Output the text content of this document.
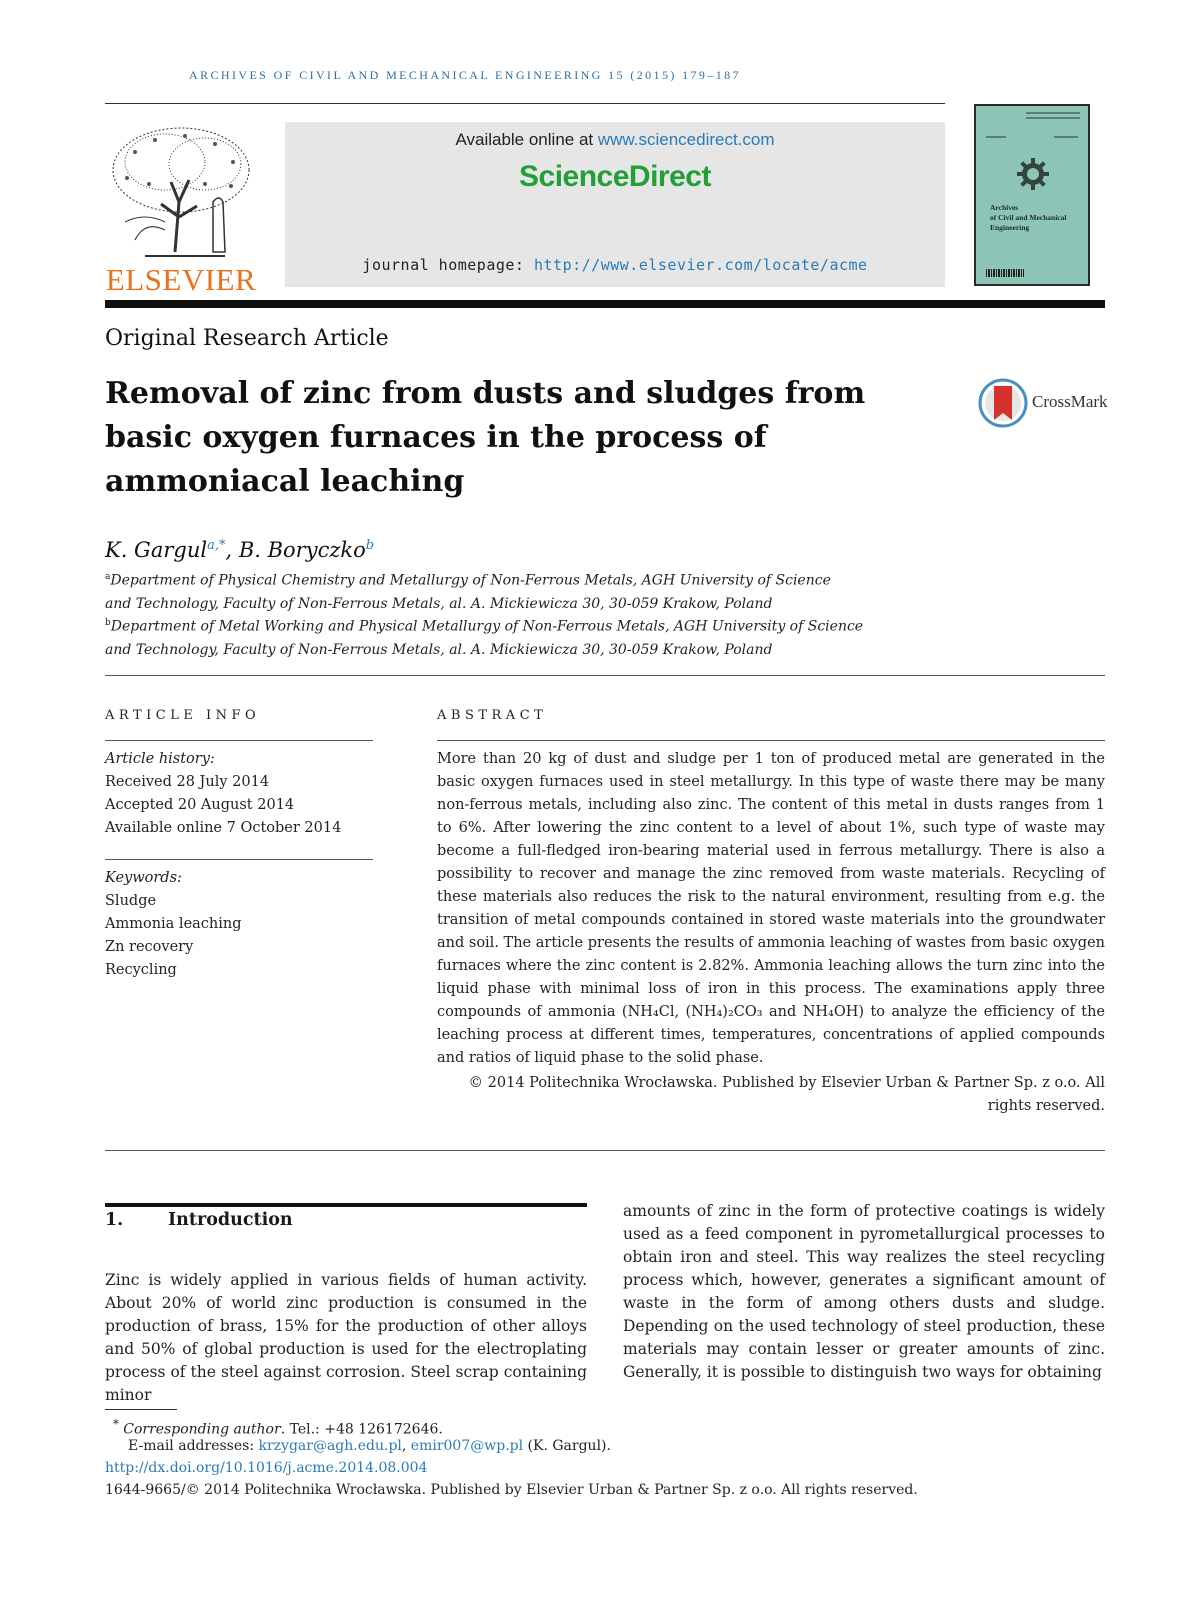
ARCHIVES OF CIVIL AND MECHANICAL ENGINEERING 15 (2015) 179–187
ELSEVIER
Available online at www.sciencedirect.com
ScienceDirect
journal homepage: http://www.elsevier.com/locate/acme
Archives
of Civil and Mechanical
Engineering
Original Research Article
Removal of zinc from dusts and sludges from basic oxygen furnaces in the process of ammoniacal leaching
CrossMark
K. Gargul$^{a,*}$, B. Boryczko$^b$
$^a$Department of Physical Chemistry and Metallurgy of Non-Ferrous Metals, AGH University of Science
and Technology, Faculty of Non-Ferrous Metals, al. A. Mickiewicza 30, 30-059 Krakow, Poland
$^b$Department of Metal Working and Physical Metallurgy of Non-Ferrous Metals, AGH University of Science
and Technology, Faculty of Non-Ferrous Metals, al. A. Mickiewicza 30, 30-059 Krakow, Poland
ARTICLE INFO
Article history:
Received 28 July 2014
Accepted 20 August 2014
Available online 7 October 2014
Keywords:
Sludge
Ammonia leaching
Zn recovery
Recycling
ABSTRACT

More than 20 kg of dust and sludge per 1 ton of produced metal are generated in the basic oxygen furnaces used in steel metallurgy. In this type of waste there may be many non-ferrous metals, including also zinc. The content of this metal in dusts ranges from 1 to 6%. After lowering the zinc content to a level of about 1%, such type of waste may become a full-fledged iron-bearing material used in ferrous metallurgy. There is also a possibility to recover and manage the zinc removed from waste materials. Recycling of these materials also reduces the risk to the natural environment, resulting from e.g. the transition of metal compounds contained in stored waste materials into the groundwater and soil. The article presents the results of ammonia leaching of wastes from basic oxygen furnaces where the zinc content is 2.82%. Ammonia leaching allows the turn zinc into the liquid phase with minimal loss of iron in this process. The examinations apply three compounds of ammonia (NH₄Cl, (NH₄)₂CO₃ and NH₄OH) to analyze the efficiency of the leaching process at different times, temperatures, concentrations of applied compounds and ratios of liquid phase to the solid phase.

© 2014 Politechnika Wrocławska. Published by Elsevier Urban & Partner Sp. z o.o. All
rights reserved.
1.	Introduction

Zinc is widely applied in various fields of human activity. About 20% of world zinc production is consumed in the production of brass, 15% for the production of other alloys and 50% of global production is used for the electroplating process of the steel against corrosion. Steel scrap containing minor

amounts of zinc in the form of protective coatings is widely used as a feed component in pyrometallurgical processes to obtain iron and steel. This way realizes the steel recycling process which, however, generates a significant amount of waste in the form of among others dusts and sludge. Depending on the used technology of steel production, these materials may contain lesser or greater amounts of zinc. Generally, it is possible to distinguish two ways for obtaining

* Corresponding author. Tel.: +48 126172646.
E-mail addresses: krzygar@agh.edu.pl, emir007@wp.pl (K. Gargul).
http://dx.doi.org/10.1016/j.acme.2014.08.004
1644-9665/© 2014 Politechnika Wrocławska. Published by Elsevier Urban & Partner Sp. z o.o. All rights reserved.
